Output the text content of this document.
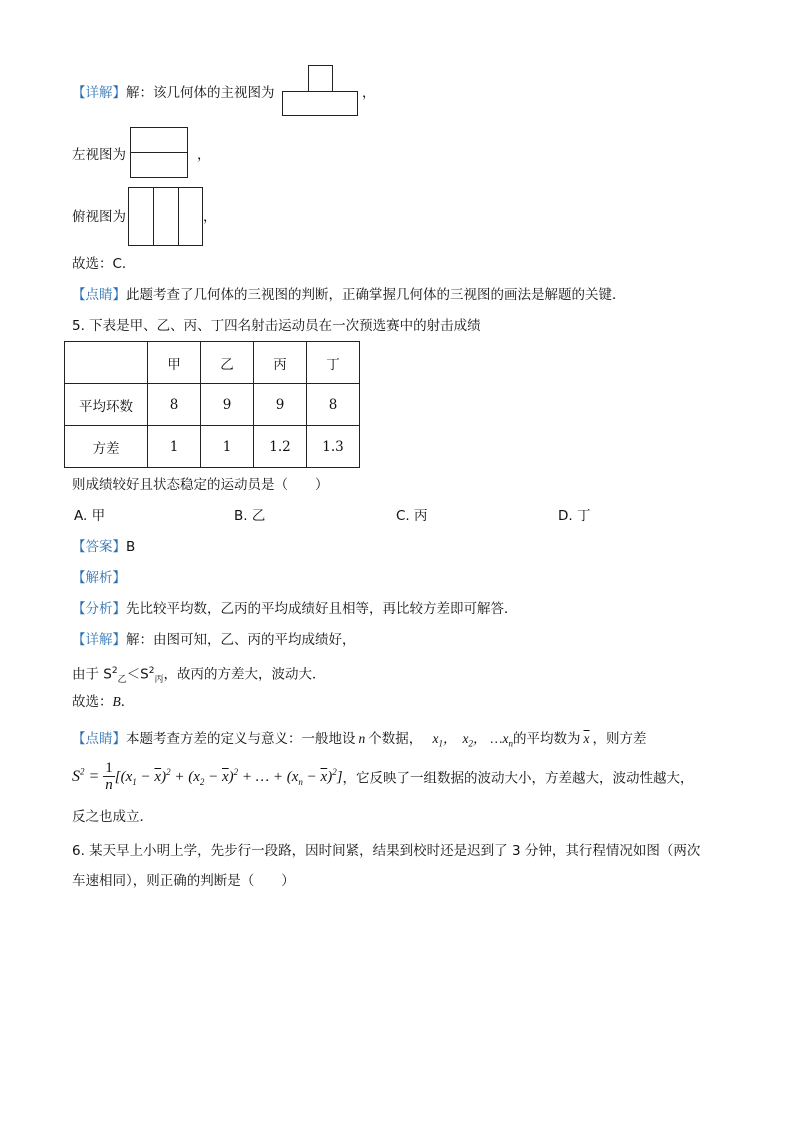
【详解】解：该几何体的主视图为	，
左视图为	，
俯视图为	，
故选：C．
【点睛】此题考查了几何体的三视图的判断，正确掌握几何体的三视图的画法是解题的关键．
5. 下表是甲、乙、丙、丁四名射击运动员在一次预选赛中的射击成绩
	甲	乙	丙	丁
平均环数	8	9	9	8
方差	1	1	1.2	1.3
则成绩较好且状态稳定的运动员是（　　）
A. 甲	B. 乙	C. 丙	D. 丁
【答案】B
【解析】
【分析】先比较平均数，乙丙的平均成绩好且相等，再比较方差即可解答．
【详解】解：由图可知，乙、丙的平均成绩好，
由于 $S^2_乙<S^2_丙$，故丙的方差大，波动大．
故选：B．
【点睛】本题考查方差的定义与意义：一般地设 n 个数据， $x_1$， $x_2$， $\dots x_n$的平均数为 $\overline{x}$ ，则方差
$S^2 = \frac{1}{n} [(x_1 - \overline{x})^2 + (x_2 - \overline{x})^2$ + … + $(x_n - \overline{x})^2$]，它反映了一组数据的波动大小，方差越大，波动性越大，
反之也成立．
6. 某天早上小明上学，先步行一段路，因时间紧，结果到校时还是迟到了 3 分钟，其行程情况如图（两次
车速相同），则正确的判断是（　　）
